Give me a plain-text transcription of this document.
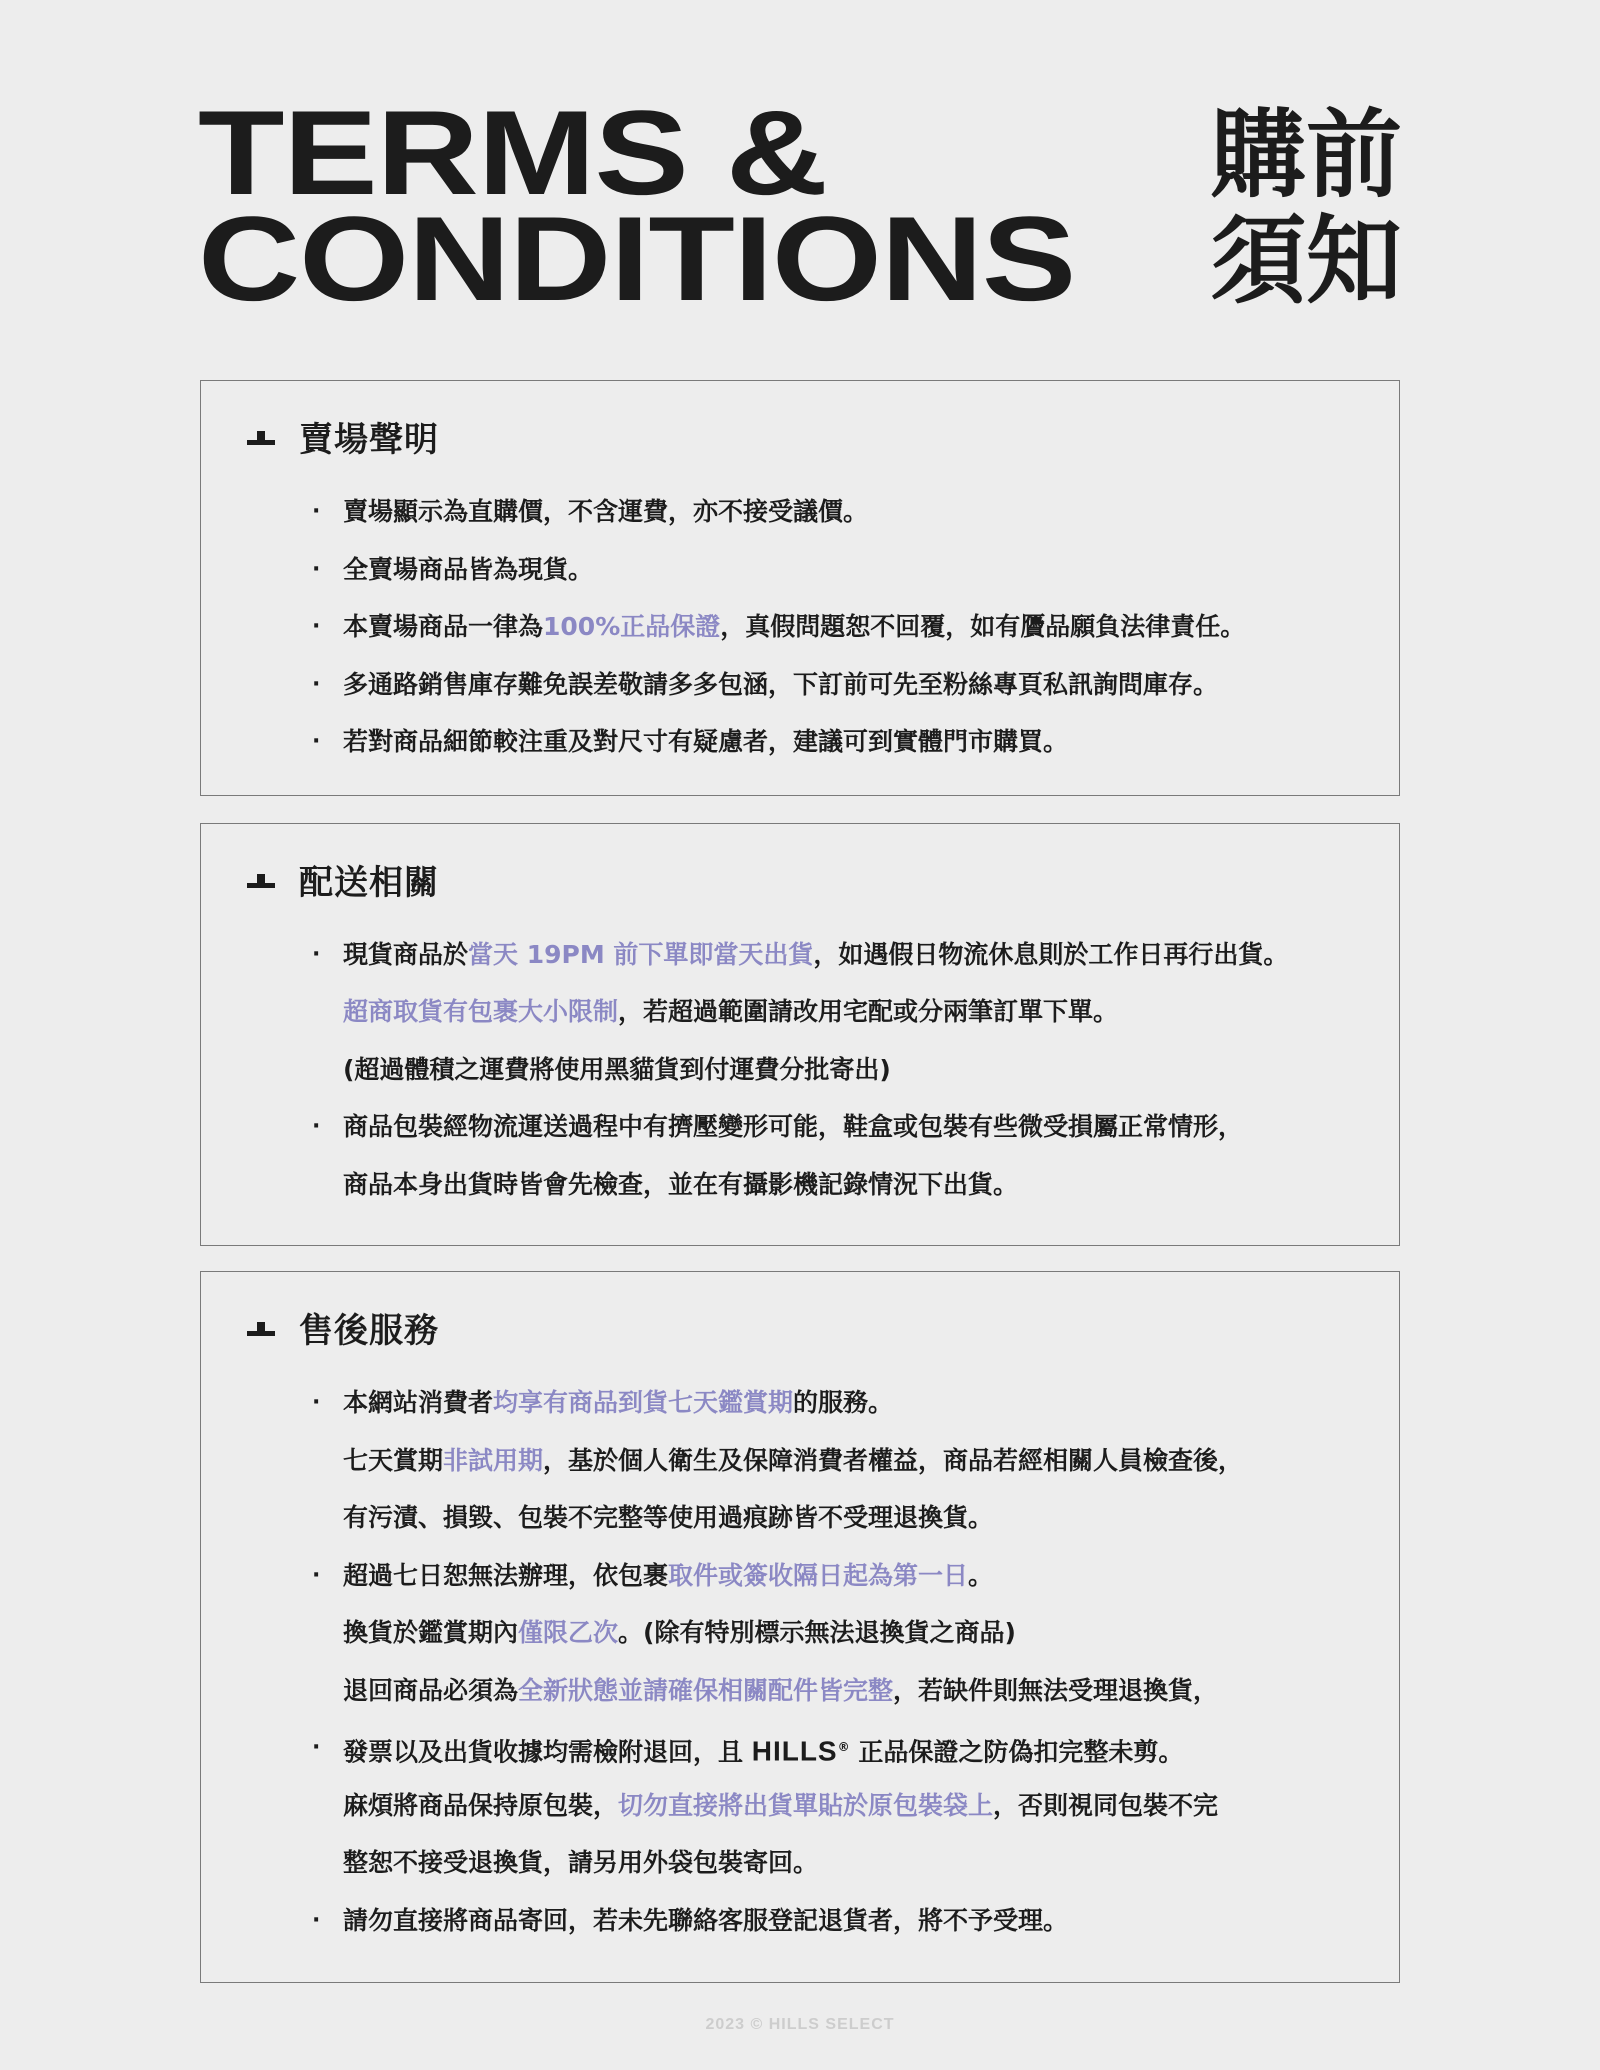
TERMS &
CONDITIONS
購前
須知
賣場聲明
· 賣場顯示為直購價，不含運費，亦不接受議價。
· 全賣場商品皆為現貨。
· 本賣場商品一律為100%正品保證，真假問題恕不回覆，如有贗品願負法律責任。
· 多通路銷售庫存難免誤差敬請多多包涵，下訂前可先至粉絲專頁私訊詢問庫存。
· 若對商品細節較注重及對尺寸有疑慮者，建議可到實體門市購買。
配送相關
· 現貨商品於當天 19PM 前下單即當天出貨，如遇假日物流休息則於工作日再行出貨。
超商取貨有包裹大小限制，若超過範圍請改用宅配或分兩筆訂單下單。
(超過體積之運費將使用黑貓貨到付運費分批寄出)
· 商品包裝經物流運送過程中有擠壓變形可能，鞋盒或包裝有些微受損屬正常情形，
商品本身出貨時皆會先檢查，並在有攝影機記錄情況下出貨。
售後服務
· 本網站消費者均享有商品到貨七天鑑賞期的服務。
七天賞期非試用期，基於個人衛生及保障消費者權益，商品若經相關人員檢查後，
有污漬、損毀、包裝不完整等使用過痕跡皆不受理退換貨。
· 超過七日恕無法辦理，依包裹取件或簽收隔日起為第一日。
換貨於鑑賞期內僅限乙次。(除有特別標示無法退換貨之商品)
退回商品必須為全新狀態並請確保相關配件皆完整，若缺件則無法受理退換貨，
· 發票以及出貨收據均需檢附退回，且 HILLS® 正品保證之防偽扣完整未剪。
麻煩將商品保持原包裝，切勿直接將出貨單貼於原包裝袋上，否則視同包裝不完
整恕不接受退換貨，請另用外袋包裝寄回。
· 請勿直接將商品寄回，若未先聯絡客服登記退貨者，將不予受理。
2023 © HILLS SELECT
